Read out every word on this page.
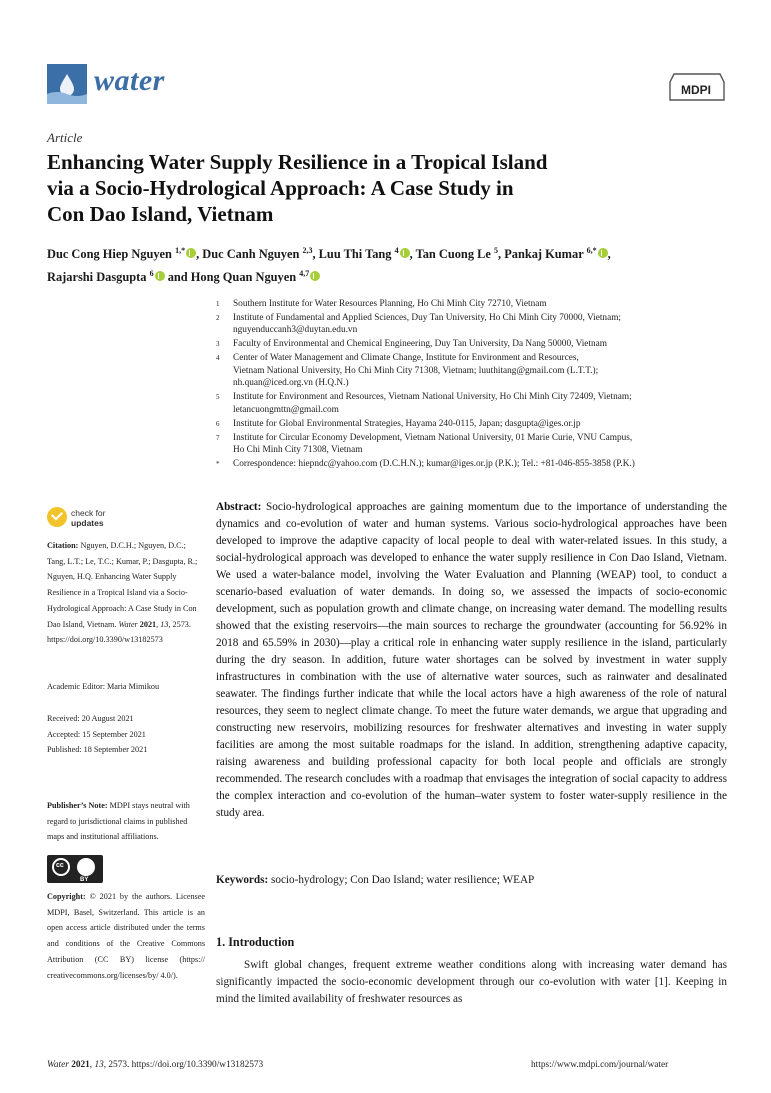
water	MDPI
Article
Enhancing Water Supply Resilience in a Tropical Island
via a Socio-Hydrological Approach: A Case Study in
Con Dao Island, Vietnam
Duc Cong Hiep Nguyen $^{1,*}$ , Duc Canh Nguyen $^{2,3}$, Luu Thi Tang $^4$ , Tan Cuong Le $^5$, Pankaj Kumar $^{6,*}$ ,
Rajarshi Dasgupta $^6$ and Hong Quan Nguyen $^{4,7}$
1 Southern Institute for Water Resources Planning, Ho Chi Minh City 72710, Vietnam
2 Institute of Fundamental and Applied Sciences, Duy Tan University, Ho Chi Minh City 70000, Vietnam;
nguyenduccanh3@duytan.edu.vn
3 Faculty of Environmental and Chemical Engineering, Duy Tan University, Da Nang 50000, Vietnam
4 Center of Water Management and Climate Change, Institute for Environment and Resources,
Vietnam National University, Ho Chi Minh City 71308, Vietnam; luuthitang@gmail.com (L.T.T.);
nh.quan@iced.org.vn (H.Q.N.)
5 Institute for Environment and Resources, Vietnam National University, Ho Chi Minh City 72409, Vietnam;
letancuongmttn@gmail.com
6 Institute for Global Environmental Strategies, Hayama 240-0115, Japan; dasgupta@iges.or.jp
7 Institute for Circular Economy Development, Vietnam National University, 01 Marie Curie, VNU Campus,
Ho Chi Minh City 71308, Vietnam
* Correspondence: hiepndc@yahoo.com (D.C.H.N.); kumar@iges.or.jp (P.K.); Tel.: +81-046-855-3858 (P.K.)
check for
updates
Citation: Nguyen, D.C.H.; Nguyen, D.C.; Tang, L.T.; Le, T.C.; Kumar, P.; Dasgupta, R.; Nguyen, H.Q. Enhancing Water Supply Resilience in a Tropical Island via a Socio-Hydrological Approach: A Case Study in Con Dao Island, Vietnam. Water 2021, 13, 2573. https://doi.org/10.3390/w13182573
Academic Editor: Maria Mimikou
Received: 20 August 2021
Accepted: 15 September 2021
Published: 18 September 2021
Publisher’s Note: MDPI stays neutral with regard to jurisdictional claims in published maps and institutional affiliations.
cc
BY
Copyright: © 2021 by the authors. Licensee MDPI, Basel, Switzerland. This article is an open access article distributed under the terms and conditions of the Creative Commons Attribution (CC BY) license (https:// creativecommons.org/licenses/by/ 4.0/).
Abstract: Socio-hydrological approaches are gaining momentum due to the importance of understanding the dynamics and co-evolution of water and human systems. Various socio-hydrological approaches have been developed to improve the adaptive capacity of local people to deal with water-related issues. In this study, a social-hydrological approach was developed to enhance the water supply resilience in Con Dao Island, Vietnam. We used a water-balance model, involving the Water Evaluation and Planning (WEAP) tool, to conduct a scenario-based evaluation of water demands. In doing so, we assessed the impacts of socio-economic development, such as population growth and climate change, on increasing water demand. The modelling results showed that the existing reservoirs—the main sources to recharge the groundwater (accounting for 56.92% in 2018 and 65.59% in 2030)—play a critical role in enhancing water supply resilience in the island, particularly during the dry season. In addition, future water shortages can be solved by investment in water supply infrastructures in combination with the use of alternative water sources, such as rainwater and desalinated seawater. The findings further indicate that while the local actors have a high awareness of the role of natural resources, they seem to neglect climate change. To meet the future water demands, we argue that upgrading and constructing new reservoirs, mobilizing resources for freshwater alternatives and investing in water supply facilities are among the most suitable roadmaps for the island. In addition, strengthening adaptive capacity, raising awareness and building professional capacity for both local people and officials are strongly recommended. The research concludes with a roadmap that envisages the integration of social capacity to address the complex interaction and co-evolution of the human–water system to foster water-supply resilience in the study area.
Keywords: socio-hydrology; Con Dao Island; water resilience; WEAP
1. Introduction
Swift global changes, frequent extreme weather conditions along with increasing water demand has significantly impacted the socio-economic development through our co-evolution with water [1]. Keeping in mind the limited availability of freshwater resources as
Water 2021, 13, 2573. https://doi.org/10.3390/w13182573	https://www.mdpi.com/journal/water
